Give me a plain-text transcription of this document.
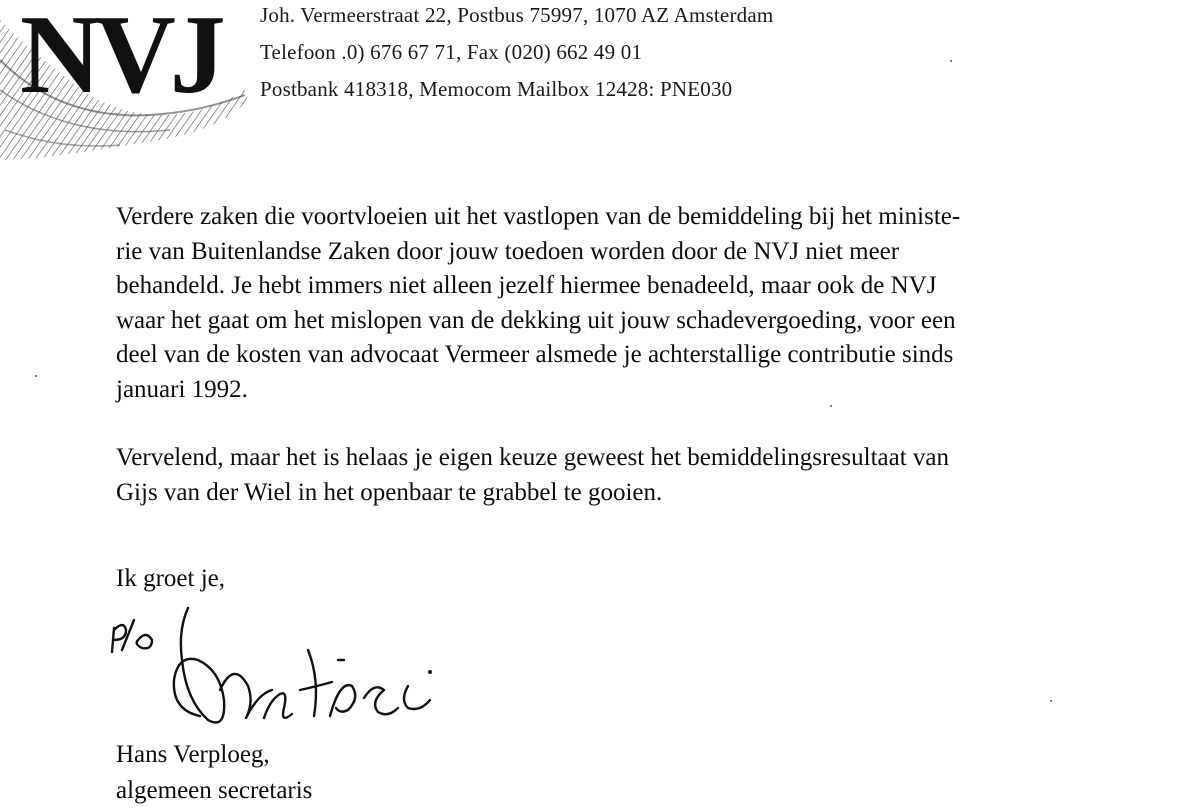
NVJ Joh. Vermeerstraat 22, Postbus 75997, 1070 AZ Amsterdam
Telefoon .0) 676 67 71, Fax (020) 662 49 01
Postbank 418318, Memocom Mailbox 12428: PNE030

Verdere zaken die voortvloeien uit het vastlopen van de bemiddeling bij het ministe-
rie van Buitenlandse Zaken door jouw toedoen worden door de NVJ niet meer
behandeld. Je hebt immers niet alleen jezelf hiermee benadeeld, maar ook de NVJ
waar het gaat om het mislopen van de dekking uit jouw schadevergoeding, voor een
deel van de kosten van advocaat Vermeer alsmede je achterstallige contributie sinds
januari 1992.

Vervelend, maar het is helaas je eigen keuze geweest het bemiddelingsresultaat van
Gijs van der Wiel in het openbaar te grabbel te gooien.

Ik groet je,
Hans Verploeg,
algemeen secretaris
